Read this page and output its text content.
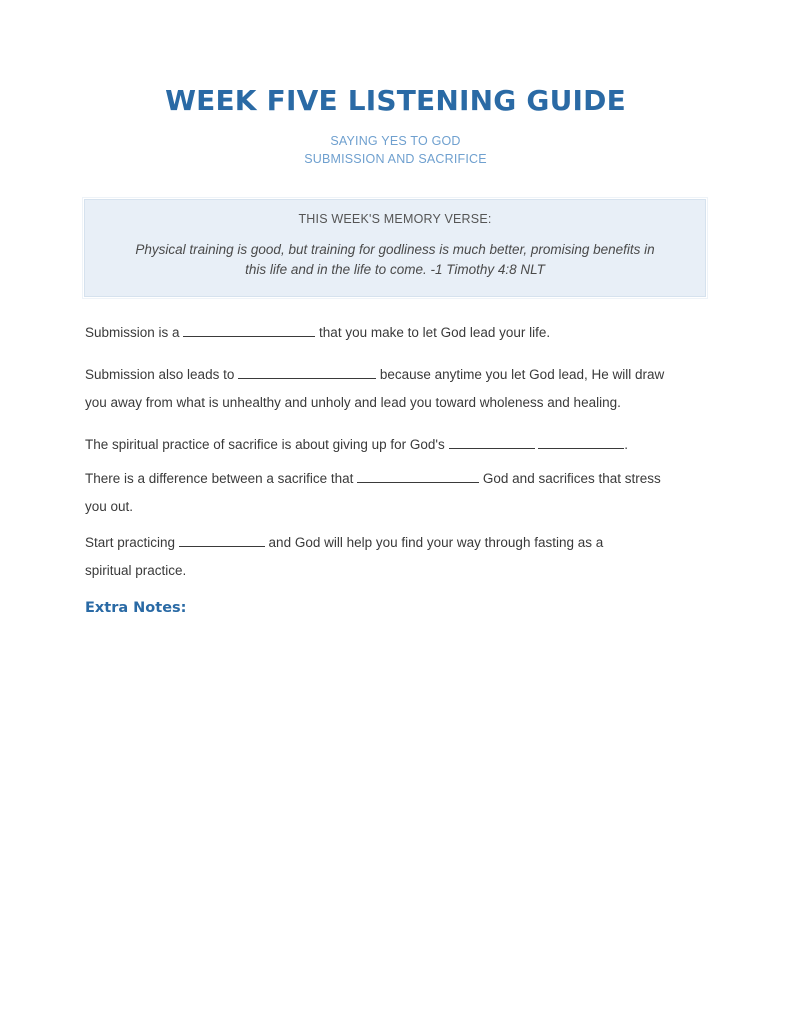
WEEK FIVE LISTENING GUIDE
SAYING YES TO GOD
SUBMISSION AND SACRIFICE
THIS WEEK'S MEMORY VERSE:
Physical training is good, but training for godliness is much better, promising benefits in this life and in the life to come. -1 Timothy 4:8 NLT
Submission is a	that you make to let God lead your life.
Submission also leads to	because anytime you let God lead, He will draw
you away from what is unhealthy and unholy and lead you toward wholeness and healing.
The spiritual practice of sacrifice is about giving up for God's	.
There is a difference between a sacrifice that	God and sacrifices that stress
you out.
Start practicing	and God will help you find your way through fasting as a
spiritual practice.
Extra Notes:
